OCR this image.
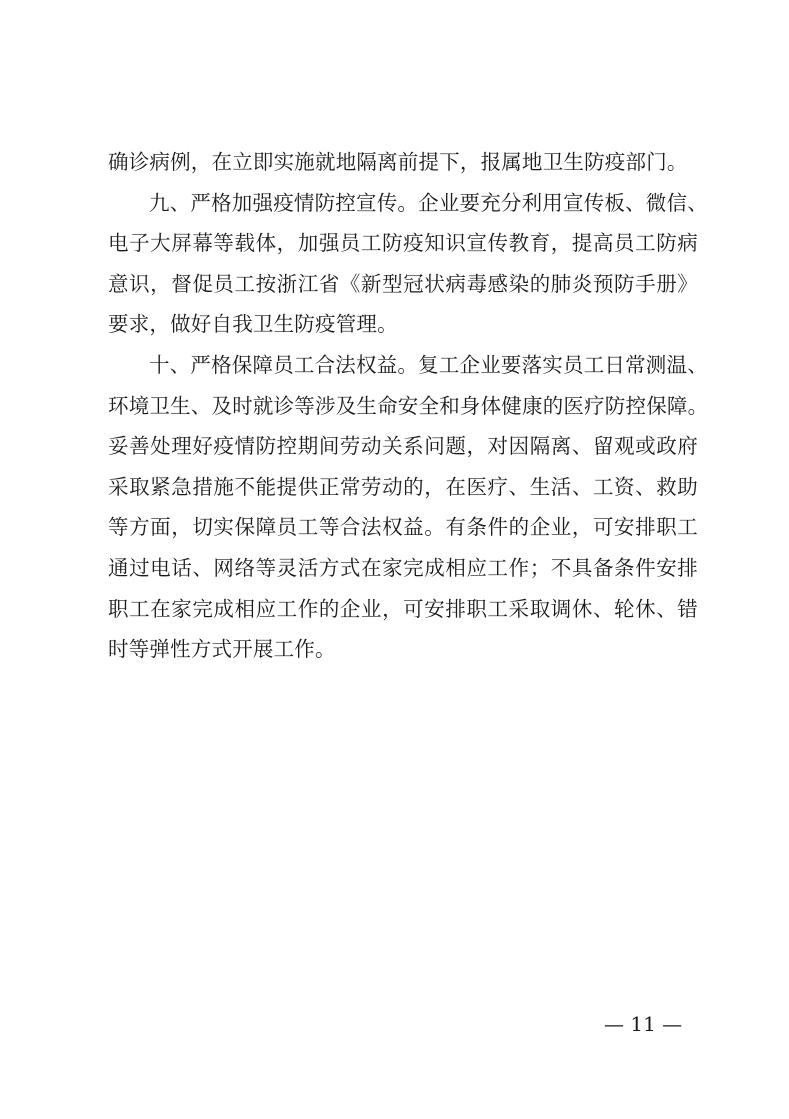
确诊病例，在立即实施就地隔离前提下，报属地卫生防疫部门。
九、严格加强疫情防控宣传。企业要充分利用宣传板、微信、
电子大屏幕等载体，加强员工防疫知识宣传教育，提高员工防病
意识，督促员工按浙江省《新型冠状病毒感染的肺炎预防手册》
要求，做好自我卫生防疫管理。
十、严格保障员工合法权益。复工企业要落实员工日常测温、
环境卫生、及时就诊等涉及生命安全和身体健康的医疗防控保障。
妥善处理好疫情防控期间劳动关系问题，对因隔离、留观或政府
采取紧急措施不能提供正常劳动的，在医疗、生活、工资、救助
等方面，切实保障员工等合法权益。有条件的企业，可安排职工
通过电话、网络等灵活方式在家完成相应工作；不具备条件安排
职工在家完成相应工作的企业，可安排职工采取调休、轮休、错
时等弹性方式开展工作。
— 11 —
